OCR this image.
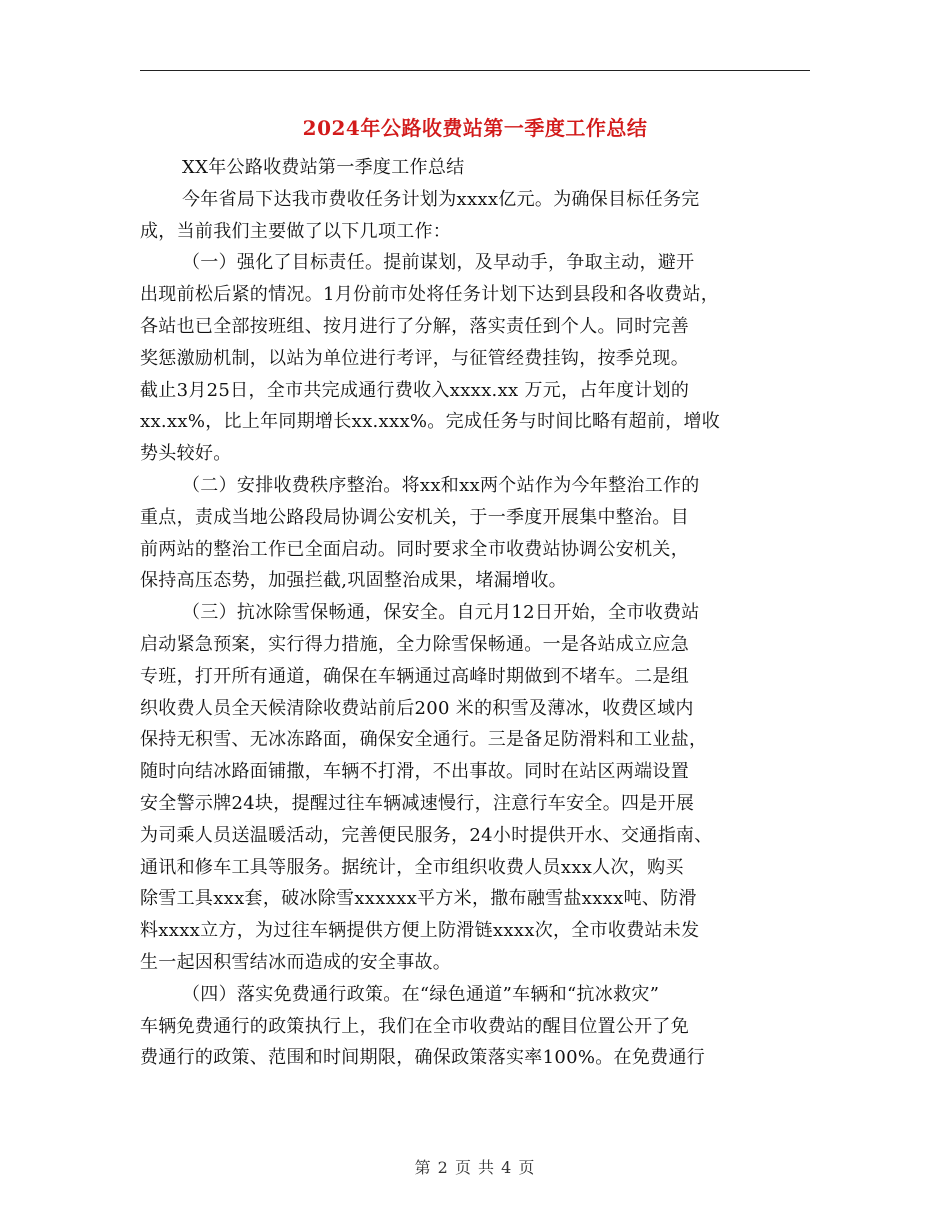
2024年公路收费站第一季度工作总结
XX年公路收费站第一季度工作总结
今年省局下达我市费收任务计划为xxxx亿元。为确保目标任务完
成，当前我们主要做了以下几项工作：
（一）强化了目标责任。提前谋划，及早动手，争取主动，避开
出现前松后紧的情况。1月份前市处将任务计划下达到县段和各收费站，
各站也已全部按班组、按月进行了分解，落实责任到个人。同时完善
奖惩激励机制，以站为单位进行考评，与征管经费挂钩，按季兑现。
截止3月25日，全市共完成通行费收入xxxx.xx 万元，占年度计划的
xx.xx%，比上年同期增长xx.xxx%。完成任务与时间比略有超前，增收
势头较好。
（二）安排收费秩序整治。将xx和xx两个站作为今年整治工作的
重点，责成当地公路段局协调公安机关，于一季度开展集中整治。目
前两站的整治工作已全面启动。同时要求全市收费站协调公安机关，
保持高压态势，加强拦截,巩固整治成果，堵漏增收。
（三）抗冰除雪保畅通，保安全。自元月12日开始，全市收费站
启动紧急预案，实行得力措施，全力除雪保畅通。一是各站成立应急
专班，打开所有通道，确保在车辆通过高峰时期做到不堵车。二是组
织收费人员全天候清除收费站前后200 米的积雪及薄冰，收费区域内
保持无积雪、无冰冻路面，确保安全通行。三是备足防滑料和工业盐，
随时向结冰路面铺撒，车辆不打滑，不出事故。同时在站区两端设置
安全警示牌24块，提醒过往车辆减速慢行，注意行车安全。四是开展
为司乘人员送温暖活动，完善便民服务，24小时提供开水、交通指南、
通讯和修车工具等服务。据统计，全市组织收费人员xxx人次，购买
除雪工具xxx套，破冰除雪xxxxxx平方米，撒布融雪盐xxxx吨、防滑
料xxxx立方，为过往车辆提供方便上防滑链xxxx次，全市收费站未发
生一起因积雪结冰而造成的安全事故。
（四）落实免费通行政策。在“绿色通道”车辆和“抗冰救灾”
车辆免费通行的政策执行上，我们在全市收费站的醒目位置公开了免
费通行的政策、范围和时间期限，确保政策落实率100%。在免费通行
第 2 页 共 4 页
